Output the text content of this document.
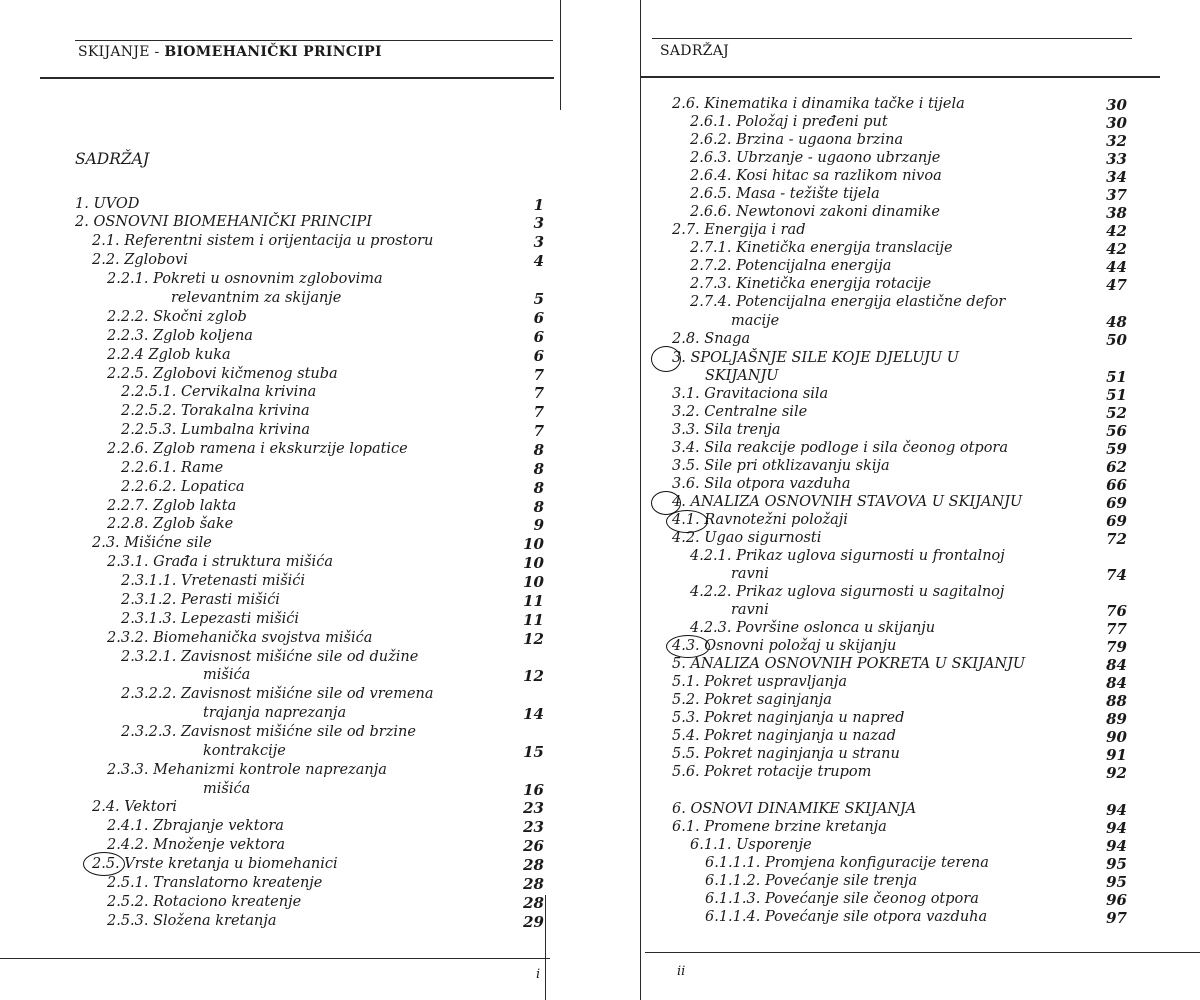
SKIJANJE - BIOMEHANIČKI PRINCIPI	SADRŽAJ
SADRŽAJ
1. UVOD	1
2. OSNOVNI BIOMEHANIČKI PRINCIPI	3
2.1. Referentni sistem i orijentacija u prostoru	3
2.2. Zglobovi	4
2.2.1. Pokreti u osnovnim zglobovima
relevantnim za skijanje	5
2.2.2. Skočni zglob	6
2.2.3. Zglob koljena	6
2.2.4 Zglob kuka	6
2.2.5. Zglobovi kičmenog stuba	7
2.2.5.1. Cervikalna krivina	7
2.2.5.2. Torakalna krivina	7
2.2.5.3. Lumbalna krivina	7
2.2.6. Zglob ramena i ekskurzije lopatice	8
2.2.6.1. Rame	8
2.2.6.2. Lopatica	8
2.2.7. Zglob lakta	8
2.2.8. Zglob šake	9
2.3. Mišićne sile	10
2.3.1. Građa i struktura mišića	10
2.3.1.1. Vretenasti mišići	10
2.3.1.2. Perasti mišići	11
2.3.1.3. Lepezasti mišići	11
2.3.2. Biomehanička svojstva mišića	12
2.3.2.1. Zavisnost mišićne sile od dužine
mišića	12
2.3.2.2. Zavisnost mišićne sile od vremena
trajanja naprezanja	14
2.3.2.3. Zavisnost mišićne sile od brzine
kontrakcije	15
2.3.3. Mehanizmi kontrole naprezanja
mišića	16
2.4. Vektori	23
2.4.1. Zbrajanje vektora	23
2.4.2. Množenje vektora	26
2.5. Vrste kretanja u biomehanici	28
2.5.1. Translatorno kreatenje	28
2.5.2. Rotaciono kreatenje	28
2.5.3. Složena kretanja	29
2.6. Kinematika i dinamika tačke i tijela	30
2.6.1. Položaj i pređeni put	30
2.6.2. Brzina - ugaona brzina	32
2.6.3. Ubrzanje - ugaono ubrzanje	33
2.6.4. Kosi hitac sa razlikom nivoa	34
2.6.5. Masa - težište tijela	37
2.6.6. Newtonovi zakoni dinamike	38
2.7. Energija i rad	42
2.7.1. Kinetička energija translacije	42
2.7.2. Potencijalna energija	44
2.7.3. Kinetička energija rotacije	47
2.7.4. Potencijalna energija elastične defor
macije	48
2.8. Snaga	50
3. SPOLJAŠNJE SILE KOJE DJELUJU U
SKIJANJU	51
3.1. Gravitaciona sila	51
3.2. Centralne sile	52
3.3. Sila trenja	56
3.4. Sila reakcije podloge i sila čeonog otpora	59
3.5. Sile pri otklizavanju skija	62
3.6. Sila otpora vazduha	66
4. ANALIZA OSNOVNIH STAVOVA U SKIJANJU	69
4.1. Ravnotežni položaji	69
4.2. Ugao sigurnosti	72
4.2.1. Prikaz uglova sigurnosti u frontalnoj
ravni	74
4.2.2. Prikaz uglova sigurnosti u sagitalnoj
ravni	76
4.2.3. Površine oslonca u skijanju	77
4.3. Osnovni položaj u skijanju	79
5. ANALIZA OSNOVNIH POKRETA U SKIJANJU	84
5.1. Pokret uspravljanja	84
5.2. Pokret saginjanja	88
5.3. Pokret naginjanja u napred	89
5.4. Pokret naginjanja u nazad	90
5.5. Pokret naginjanja u stranu	91
5.6. Pokret rotacije trupom	92
6. OSNOVI DINAMIKE SKIJANJA	94
6.1. Promene brzine kretanja	94
6.1.1. Usporenje	94
6.1.1.1. Promjena konfiguracije terena	95
6.1.1.2. Povećanje sile trenja	95
6.1.1.3. Povećanje sile čeonog otpora	96
6.1.1.4. Povećanje sile otpora vazduha	97
i	ii
